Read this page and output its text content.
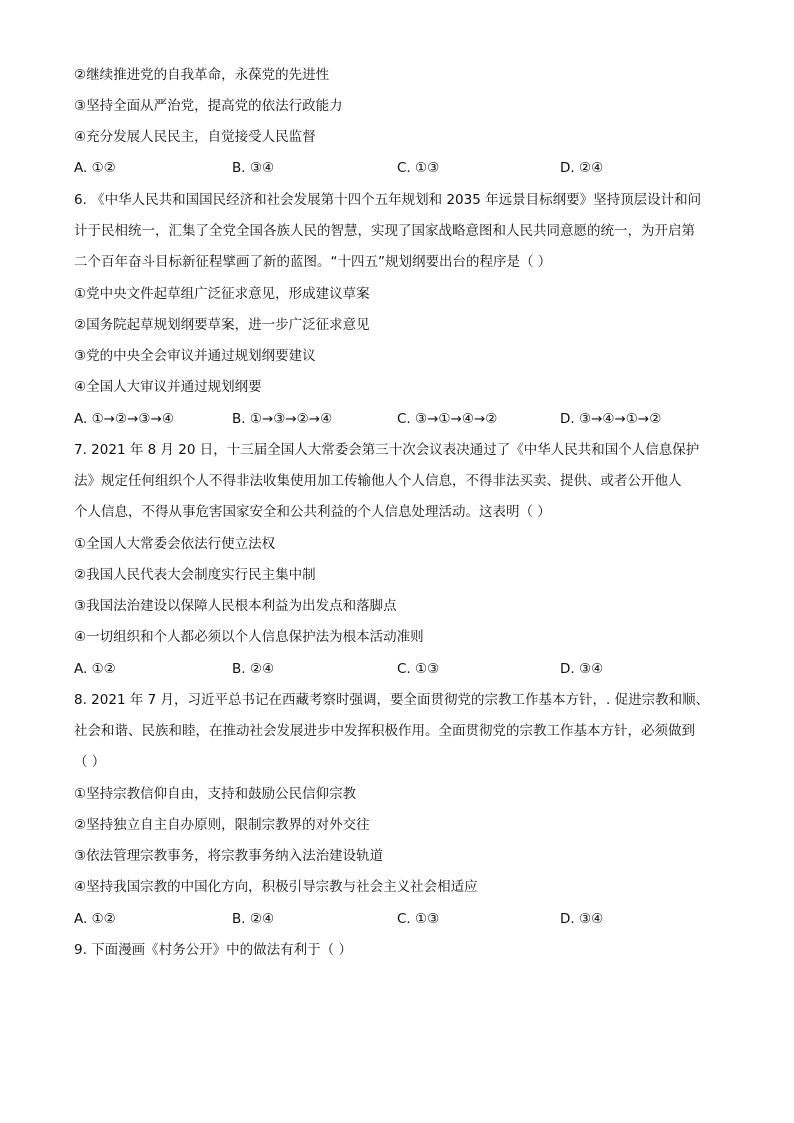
②继续推进党的自我革命，永葆党的先进性
③坚持全面从严治党，提高党的依法行政能力
④充分发展人民民主，自觉接受人民监督
A. ①②	B. ③④	C. ①③	D. ②④
6. 《中华人民共和国国民经济和社会发展第十四个五年规划和 2035 年远景目标纲要》坚持顶层设计和问
计于民相统一，汇集了全党全国各族人民的智慧，实现了国家战略意图和人民共同意愿的统一，为开启第
二个百年奋斗目标新征程擘画了新的蓝图。“十四五”规划纲要出台的程序是（ ）
①党中央文件起草组广泛征求意见，形成建议草案
②国务院起草规划纲要草案，进一步广泛征求意见
③党的中央全会审议并通过规划纲要建议
④全国人大审议并通过规划纲要
A. ①→②→③→④	B. ①→③→②→④	C. ③→①→④→②	D. ③→④→①→②
7. 2021 年 8 月 20 日，十三届全国人大常委会第三十次会议表决通过了《中华人民共和国个人信息保护
法》规定任何组织个人不得非法收集使用加工传输他人个人信息，不得非法买卖、提供、或者公开他人
个人信息，不得从事危害国家安全和公共利益的个人信息处理活动。这表明（ ）
①全国人大常委会依法行使立法权
②我国人民代表大会制度实行民主集中制
③我国法治建设以保障人民根本利益为出发点和落脚点
④一切组织和个人都必须以个人信息保护法为根本活动准则
A. ①②	B. ②④	C. ①③	D. ③④
8. 2021 年 7 月，习近平总书记在西藏考察时强调，要全面贯彻党的宗教工作基本方针，. 促进宗教和顺、
社会和谐、民族和睦，在推动社会发展进步中发挥积极作用。全面贯彻党的宗教工作基本方针，必须做到
（ ）
①坚持宗教信仰自由，支持和鼓励公民信仰宗教
②坚持独立自主自办原则，限制宗教界的对外交往
③依法管理宗教事务，将宗教事务纳入法治建设轨道
④坚持我国宗教的中国化方向，积极引导宗教与社会主义社会相适应
A. ①②	B. ②④	C. ①③	D. ③④
9. 下面漫画《村务公开》中的做法有利于（ ）
